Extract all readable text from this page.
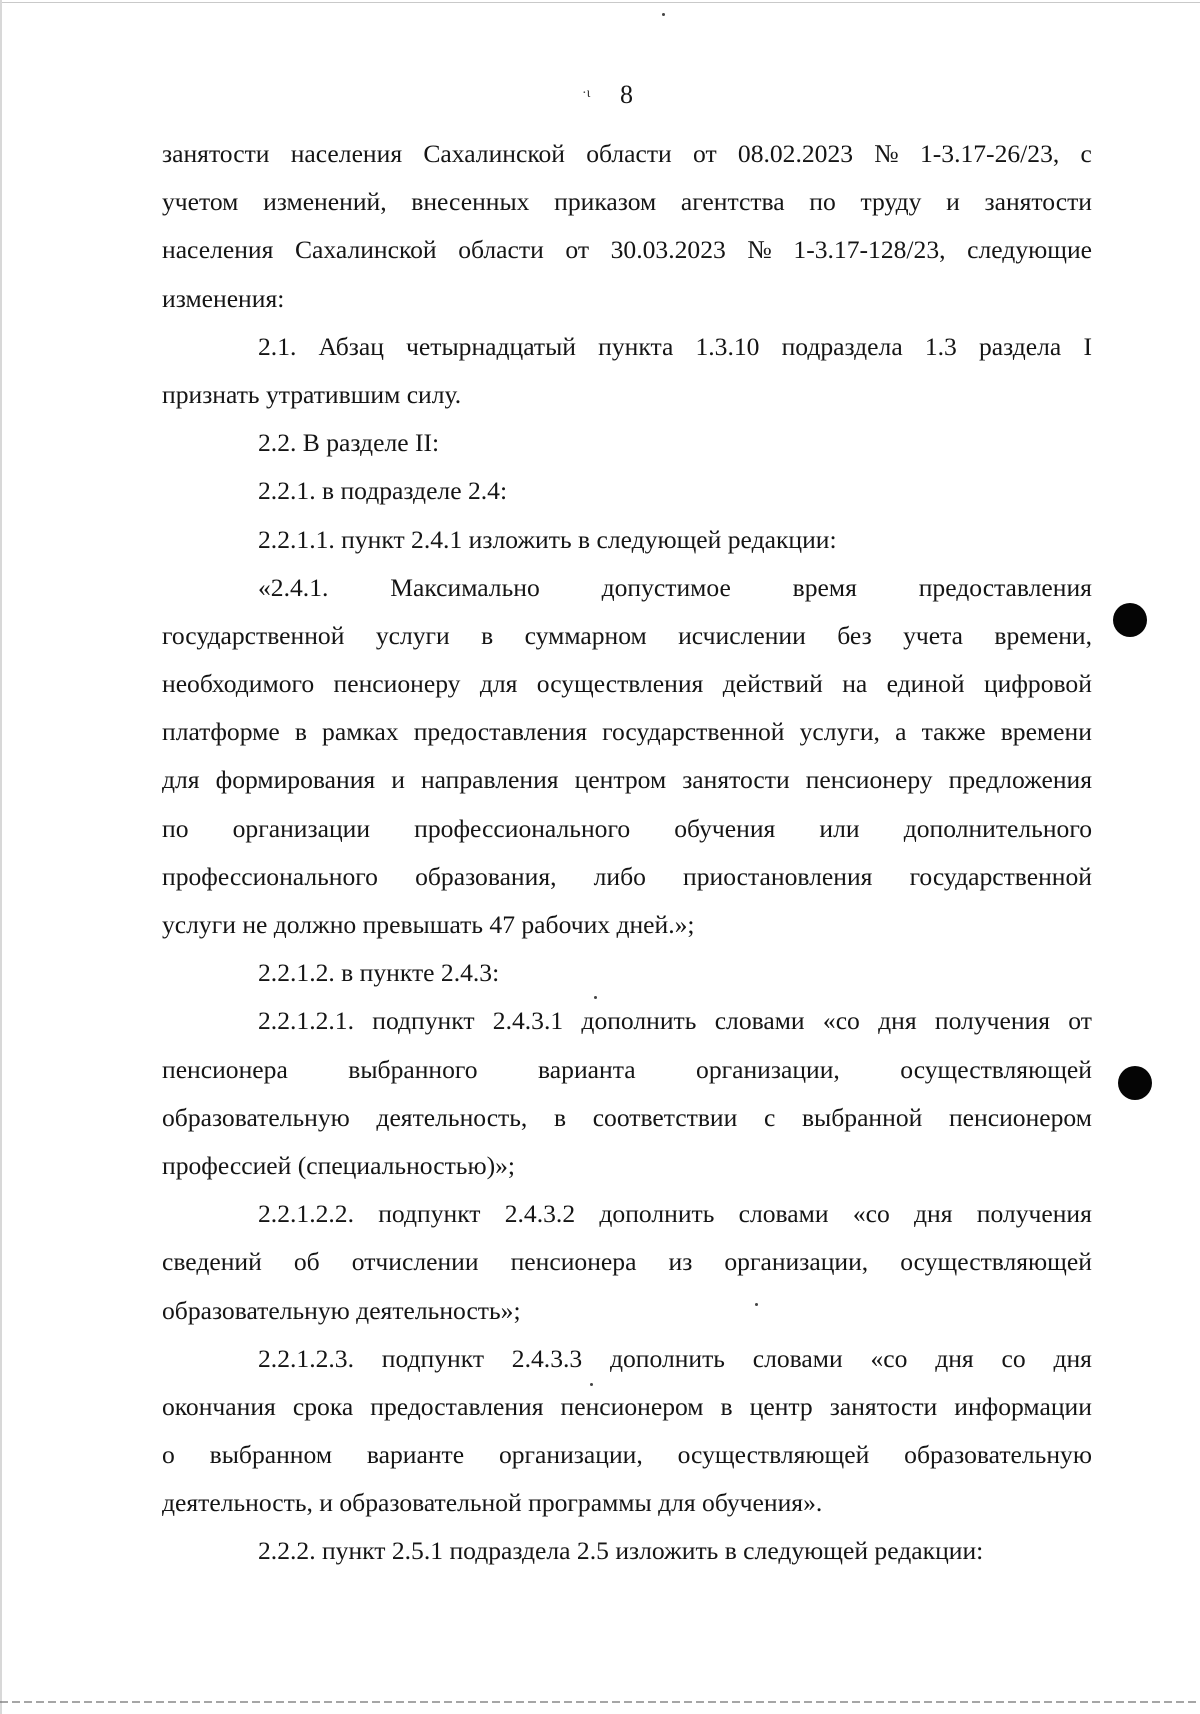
·ι 8
занятости населения Сахалинской области от 08.02.2023 № 1-3.17-26/23, с
учетом изменений, внесенных приказом агентства по труду и занятости
населения Сахалинской области от 30.03.2023 № 1-3.17-128/23, следующие
изменения:
2.1. Абзац четырнадцатый пункта 1.3.10 подраздела 1.3 раздела I
признать утратившим силу.
2.2. В разделе II:
2.2.1. в подразделе 2.4:
2.2.1.1. пункт 2.4.1 изложить в следующей редакции:
«2.4.1. Максимально допустимое время предоставления
государственной услуги в суммарном исчислении без учета времени,
необходимого пенсионеру для осуществления действий на единой цифровой
платформе в рамках предоставления государственной услуги, а также времени
для формирования и направления центром занятости пенсионеру предложения
по организации профессионального обучения или дополнительного
профессионального образования, либо приостановления государственной
услуги не должно превышать 47 рабочих дней.»;
2.2.1.2. в пункте 2.4.3:
2.2.1.2.1. подпункт 2.4.3.1 дополнить словами «со дня получения от
пенсионера выбранного варианта организации, осуществляющей
образовательную деятельность, в соответствии с выбранной пенсионером
профессией (специальностью)»;
2.2.1.2.2. подпункт 2.4.3.2 дополнить словами «со дня получения
сведений об отчислении пенсионера из организации, осуществляющей
образовательную деятельность»;
2.2.1.2.3. подпункт 2.4.3.3 дополнить словами «со дня со дня
окончания срока предоставления пенсионером в центр занятости информации
о выбранном варианте организации, осуществляющей образовательную
деятельность, и образовательной программы для обучения».
2.2.2. пункт 2.5.1 подраздела 2.5 изложить в следующей редакции:
